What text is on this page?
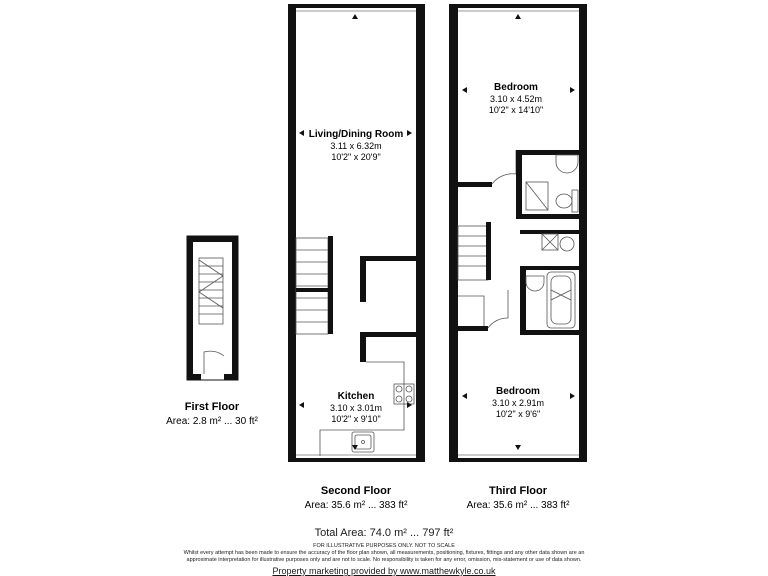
Living/Dining Room
3.11 x 6.32m
10'2" x 20'9"
Kitchen
3.10 x 3.01m
10'2" x 9'10"
Bedroom
3.10 x 4.52m
10'2" x 14'10"
Bedroom
3.10 x 2.91m
10'2" x 9'6"
First Floor
Area: 2.8 m² ... 30 ft²
Second Floor
Area: 35.6 m² ... 383 ft²
Third Floor
Area: 35.6 m² ... 383 ft²
Total Area: 74.0 m² ... 797 ft²
FOR ILLUSTRATIVE PURPOSES ONLY. NOT TO SCALE
Whilst every attempt has been made to ensure the accuracy of the floor plan shown, all measurements, positioning, fixtures, fittings and any other data shown are an
approximate interpretation for illustrative purposes only and are not to scale. No responsibility is taken for any error, omission, mis-statement or use of data shown.
Property marketing provided by www.matthewkyle.co.uk
